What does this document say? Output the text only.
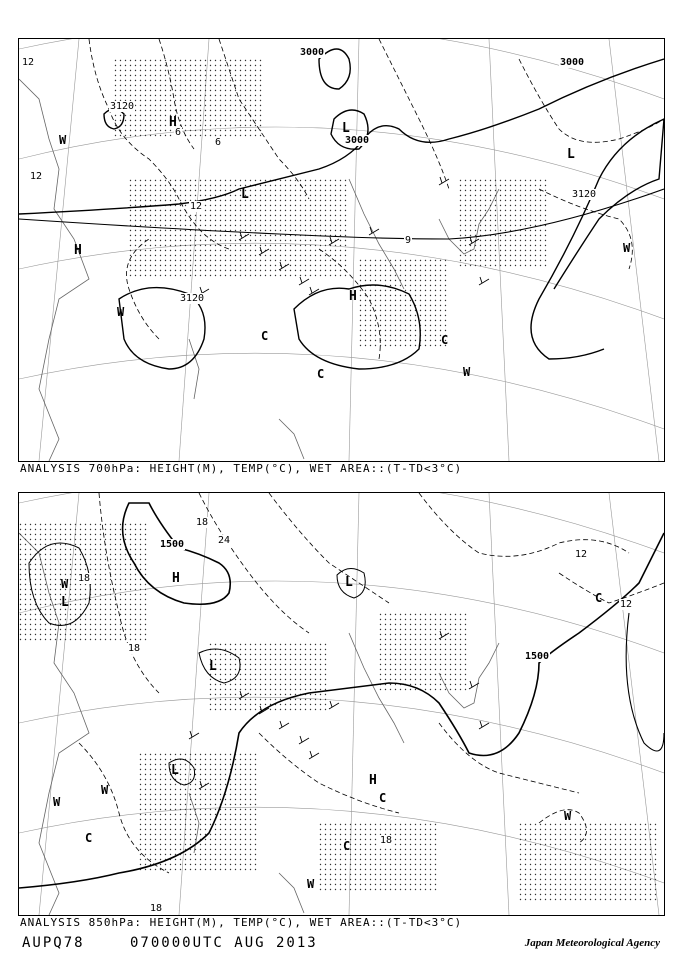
3000
3000
3000
3120
3120
3120
12
12
12
6
6
9
H
H
H
L
L
L
C
C
C
W
W
W
W
ANALYSIS 700hPa: HEIGHT(M), TEMP(°C), WET AREA::(T-TD<3°C)
1500
1500
18
18
18
18
18
24
12
12
H
H
L
L
L
L
C
C
C
C
W
W
W
W
W
ANALYSIS 850hPa: HEIGHT(M), TEMP(°C), WET AREA::(T-TD<3°C)
AUPQ78	070000UTC AUG 2013	Japan Meteorological Agency
